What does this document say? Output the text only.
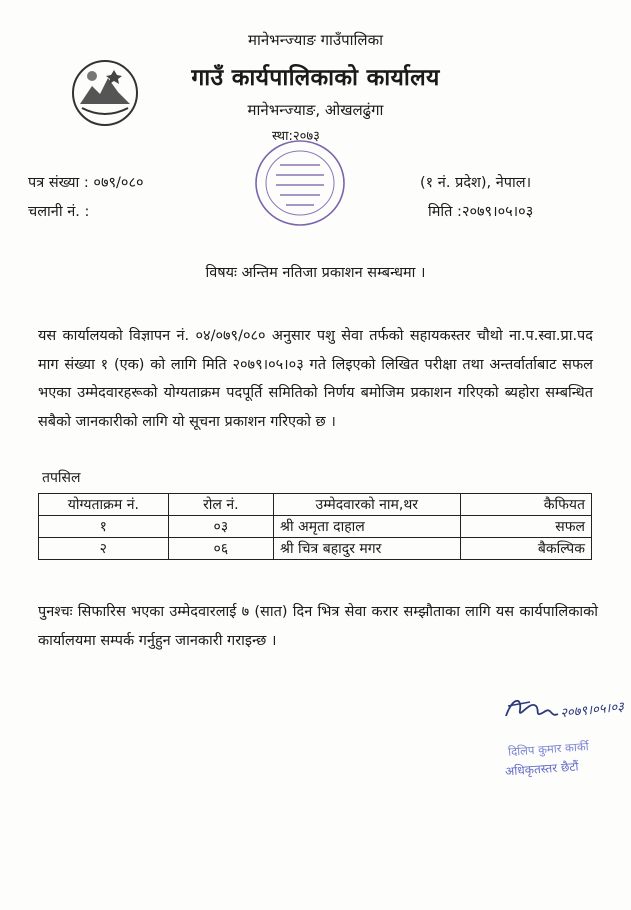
मानेभन्ज्याङ गाउँपालिका
गाउँ कार्यपालिकाको कार्यालय
मानेभन्ज्याङ, ओखलढुंगा
स्था:२०७३
पत्र संख्या : ०७९/०८०
चलानी नं. :
(१ नं. प्रदेश), नेपाल।
मिति :२०७९।०५।०३
विषयः अन्तिम नतिजा प्रकाशन सम्बन्धमा ।
यस कार्यालयको विज्ञापन नं. ०४/०७९/०८० अनुसार पशु सेवा तर्फको सहायकस्तर चौथो ना.प.स्वा.प्रा.पद माग संख्या १ (एक) को लागि मिति २०७९।०५।०३ गते लिइएको लिखित परीक्षा तथा अन्तर्वार्ताबाट सफल भएका उम्मेदवारहरूको योग्यताक्रम पदपूर्ति समितिको निर्णय बमोजिम प्रकाशन गरिएको ब्यहोरा सम्बन्धित सबैको जानकारीको लागि यो सूचना प्रकाशन गरिएको छ ।
तपसिल
योग्यताक्रम नं.	रोल नं.	उम्मेदवारको नाम,थर	कैफियत
१	०३	श्री अमृता दाहाल	सफल
२	०६	श्री चित्र बहादुर मगर	बैकल्पिक
पुनश्चः सिफारिस भएका उम्मेदवारलाई ७ (सात) दिन भित्र सेवा करार सम्झौताका लागि यस कार्यपालिकाको कार्यालयमा सम्पर्क गर्नुहुन जानकारी गराइन्छ ।
२०७९।०५।०३
दिलिप कुमार कार्की
अधिकृतस्तर छैटौं
